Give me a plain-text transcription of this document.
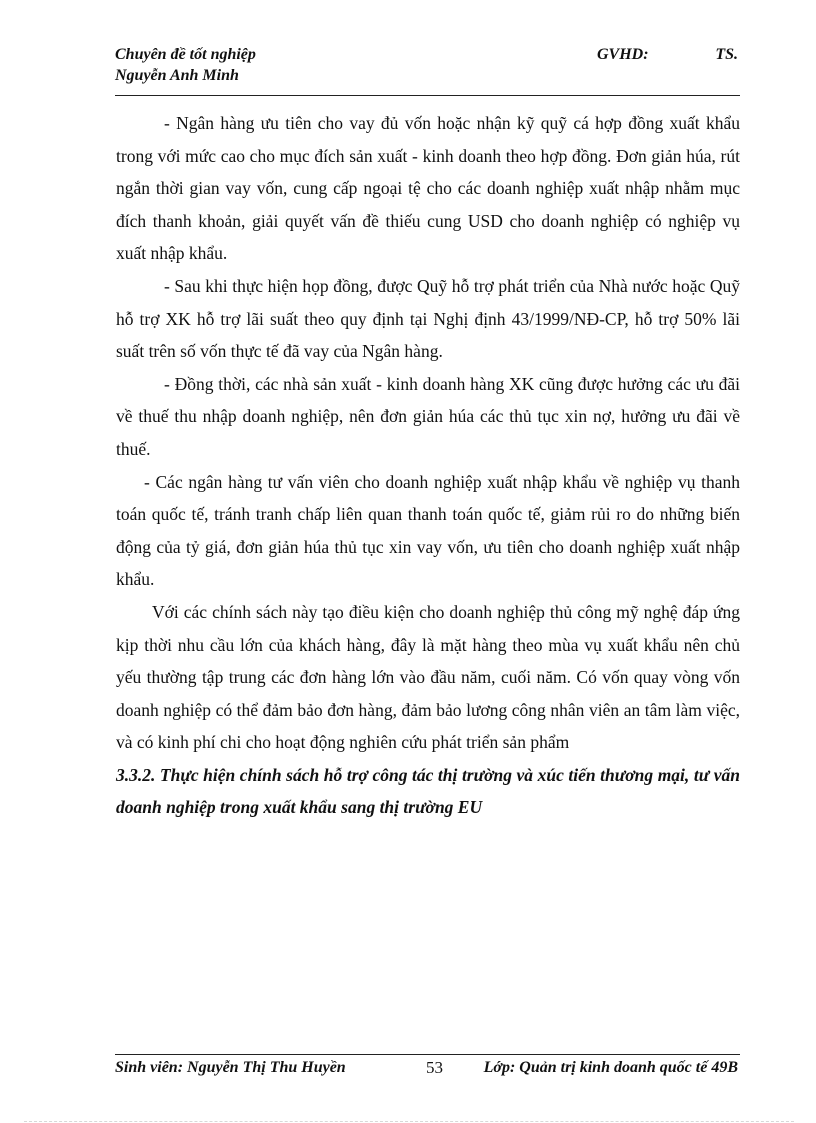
Chuyên đề tốt nghiệp
Nguyễn Anh Minh
GVHD:	TS.

- Ngân hàng ưu tiên cho vay đủ vốn hoặc nhận kỹ quỹ cá hợp đồng xuất khẩu trong với mức cao cho mục đích sản xuất - kinh doanh theo hợp đồng. Đơn giản húa, rút ngắn thời gian vay vốn, cung cấp ngoại tệ cho các doanh nghiệp xuất nhập nhằm mục đích thanh khoản, giải quyết vấn đề thiếu cung USD cho doanh nghiệp có nghiệp vụ xuất nhập khẩu.

- Sau khi thực hiện họp đồng, được Quỹ hỗ trợ phát triển của Nhà nước hoặc Quỹ hỗ trợ XK hỗ trợ lãi suất theo quy định tại Nghị định 43/1999/NĐ-CP, hỗ trợ 50% lãi suất trên số vốn thực tế đã vay của Ngân hàng.

- Đồng thời, các nhà sản xuất - kinh doanh hàng XK cũng được hưởng các ưu đãi về thuế thu nhập doanh nghiệp, nên đơn giản húa các thủ tục xin nợ, hưởng ưu đãi về thuế.

- Các ngân hàng tư vấn viên cho doanh nghiệp xuất nhập khẩu về nghiệp vụ thanh toán quốc tế, tránh tranh chấp liên quan thanh toán quốc tế, giảm rủi ro do những biến động của tỷ giá, đơn giản húa thủ tục xin vay vốn, ưu tiên cho doanh nghiệp xuất nhập khẩu.

Với các chính sách này tạo điều kiện cho doanh nghiệp thủ công mỹ nghệ đáp ứng kịp thời nhu cầu lớn của khách hàng, đây là mặt hàng theo mùa vụ xuất khẩu nên chủ yếu thường tập trung các đơn hàng lớn vào đầu năm, cuối năm. Có vốn quay vòng vốn doanh nghiệp có thể đảm bảo đơn hàng, đảm bảo lương công nhân viên an tâm làm việc, và có kinh phí chi cho hoạt động nghiên cứu phát triển sản phẩm

3.3.2. Thực hiện chính sách hỗ trợ công tác thị trường và xúc tiến thương mại, tư vấn doanh nghiệp trong xuất khẩu sang thị trường EU

Sinh viên: Nguyễn Thị Thu Huyền	53	Lớp: Quản trị kinh doanh quốc tế 49B
